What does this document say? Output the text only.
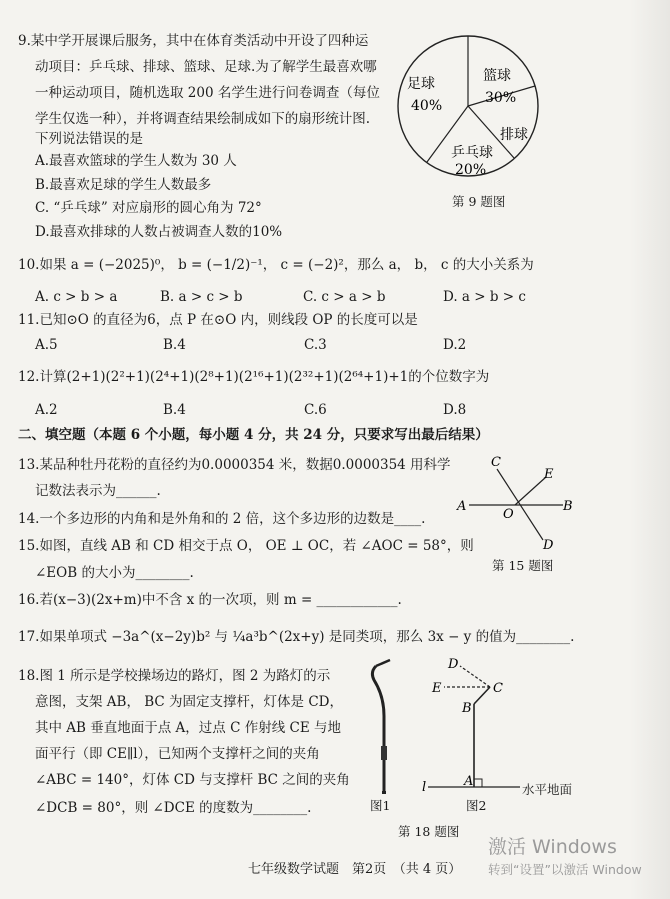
9.某中学开展课后服务，其中在体育类活动中开设了四种运
动项目：乒乓球、排球、篮球、足球.为了解学生最喜欢哪
一种运动项目，随机选取 200 名学生进行问卷调查（每位
学生仅选一种），并将调查结果绘制成如下的扇形统计图.
下列说法错误的是
A.最喜欢篮球的学生人数为 30 人
B.最喜欢足球的学生人数最多
C. “乒乓球” 对应扇形的圆心角为 72°
D.最喜欢排球的人数占被调查人数的10%
足球
40%
篮球
30%
排球
乒乓球
20%
第 9 题图
10.如果 a = (−2025)⁰， b = (−1/2)⁻¹， c = (−2)²，那么 a， b， c 的大小关系为
A. c > b > a	B. a > c > b	C. c > a > b	D. a > b > c
11.已知⊙O 的直径为6，点 P 在⊙O 内，则线段 OP 的长度可以是
A.5	B.4	C.3	D.2
12.计算(2+1)(2²+1)(2⁴+1)(2⁸+1)(2¹⁶+1)(2³²+1)(2⁶⁴+1)+1的个位数字为
A.2	B.4	C.6	D.8
二、填空题（本题 6 个小题，每小题 4 分，共 24 分，只要求写出最后结果）
13.某品种牡丹花粉的直径约为0.0000354 米，数据0.0000354 用科学
记数法表示为______.
14.一个多边形的内角和是外角和的 2 倍，这个多边形的边数是____.
15.如图，直线 AB 和 CD 相交于点 O， OE ⊥ OC，若 ∠AOC = 58°，则
∠EOB 的大小为________.
C
E
A
O
B
D
第 15 题图
16.若(x−3)(2x+m)中不含 x 的一次项，则 m = ____________.
17.如果单项式 −3a^(x−2y)b² 与 ¼a³b^(2x+y) 是同类项，那么 3x − y 的值为________.
18.图 1 所示是学校操场边的路灯，图 2 为路灯的示
意图，支架 AB， BC 为固定支撑杆，灯体是 CD，
其中 AB 垂直地面于点 A，过点 C 作射线 CE 与地
面平行（即 CE∥l），已知两个支撑杆之间的夹角
∠ABC = 140°，灯体 CD 与支撑杆 BC 之间的夹角
∠DCB = 80°，则 ∠DCE 的度数为________.
D
E	C
B
A
l	水平地面
图1	图2
第 18 题图
七年级数学试题　第2页　（共 4 页）
激活 Windows
转到“设置”以激活 Window
